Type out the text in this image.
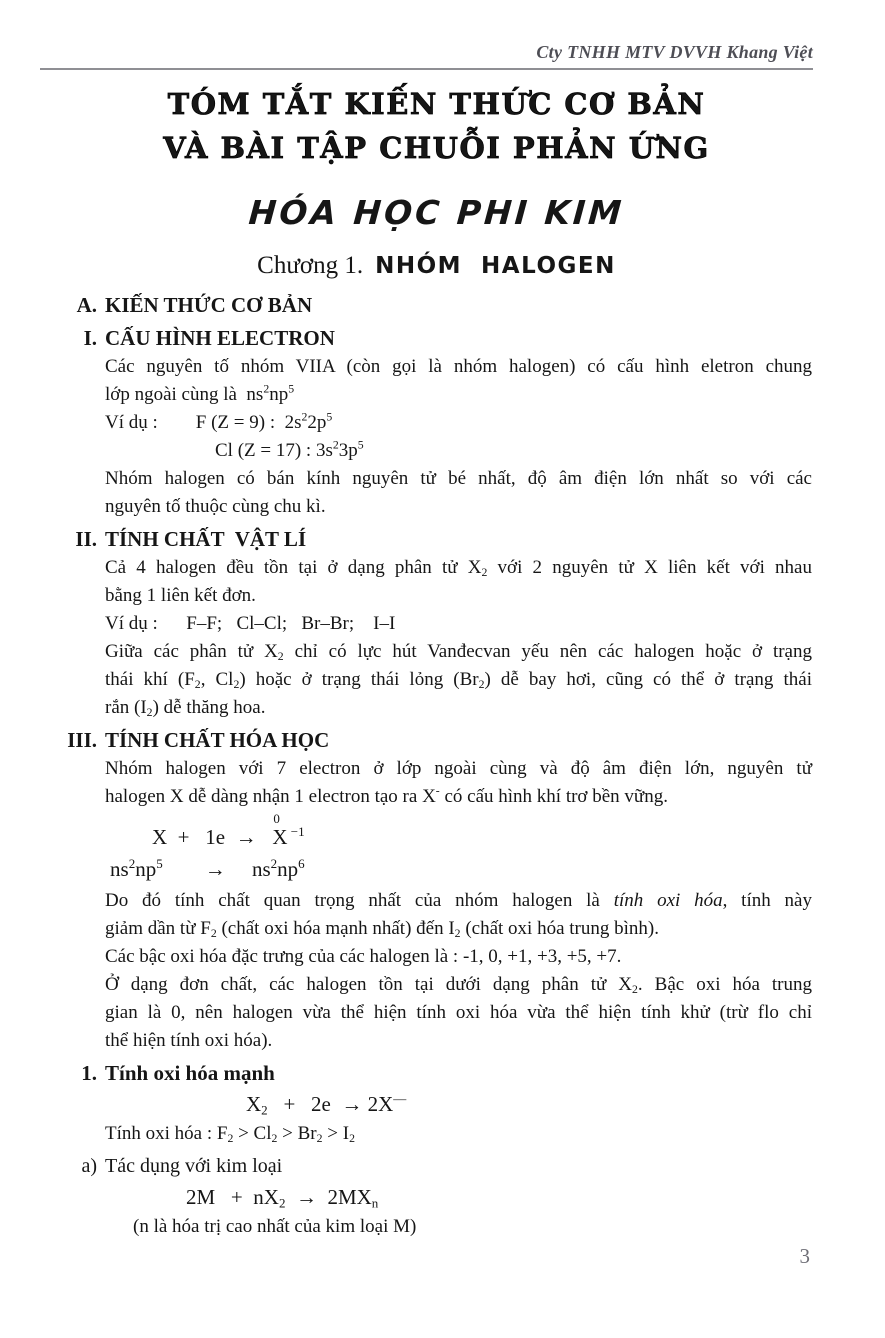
Cty TNHH MTV DVVH Khang Việt
TÓM TẮT KIẾN THỨC CƠ BẢN
VÀ BÀI TẬP CHUỖI PHẢN ỨNG
HÓA HỌC PHI KIM
Chương 1. NHÓM  HALOGEN
A. KIẾN THỨC CƠ BẢN
I. CẤU HÌNH ELECTRON
Các nguyên tố nhóm VIIA (còn gọi là nhóm halogen) có cấu hình eletron chung
lớp ngoài cùng là  $ns^2np^5$
Ví dụ :        F (Z = 9) :  $2s^22p^5$
Cl (Z = 17) : $3s^23p^5$
Nhóm halogen có bán kính nguyên tử bé nhất, độ âm điện lớn nhất so với các
nguyên tố thuộc cùng chu kì.
II. TÍNH CHẤT  VẬT LÍ
Cả 4 halogen đều tồn tại ở dạng phân tử $X_2$ với 2 nguyên tử X liên kết với nhau
bằng 1 liên kết đơn.
Ví dụ :      F–F;   Cl–Cl;   Br–Br;    I–I
Giữa các phân tử $X_2$ chỉ có lực hút Vanđecvan yếu nên các halogen hoặc ở trạng
thái khí ($F_2$, $Cl_2$) hoặc ở trạng thái lỏng $(Br_2)$ dễ bay hơi, cũng có thể ở trạng thái
rắn $(I_2)$ dễ thăng hoa.
III. TÍNH CHẤT HÓA HỌC
Nhóm halogen với 7 electron ở lớp ngoài cùng và độ âm điện lớn, nguyên tử
halogen X dễ dàng nhận 1 electron tạo ra X- có cấu hình khí trơ bền vững.
X  +   1e  →
0
X $^{-1}$
$ns^2np^5$        →     $ns^2np^6$
Do đó tính chất quan trọng nhất của nhóm halogen là tính oxi hóa, tính này
giảm dần từ $F_2$ (chất oxi hóa mạnh nhất) đến $I_2$ (chất oxi hóa trung bình).
Các bậc oxi hóa đặc trưng của các halogen là : -1, 0, +1, +3, +5, +7.
Ở dạng đơn chất, các halogen tồn tại dưới dạng phân tử $X_2$. Bậc oxi hóa trung
gian là 0, nên halogen vừa thể hiện tính oxi hóa vừa thể hiện tính khử (trừ flo chỉ
thể hiện tính oxi hóa).
1. Tính oxi hóa mạnh
$X_2 + 2e \to 2X^—$
Tính oxi hóa : $F_2 > Cl_2 > Br_2 > I_2$
a) Tác dụng với kim loại
$2M + nX_2 \to 2MX_n$
(n là hóa trị cao nhất của kim loại M)
3
